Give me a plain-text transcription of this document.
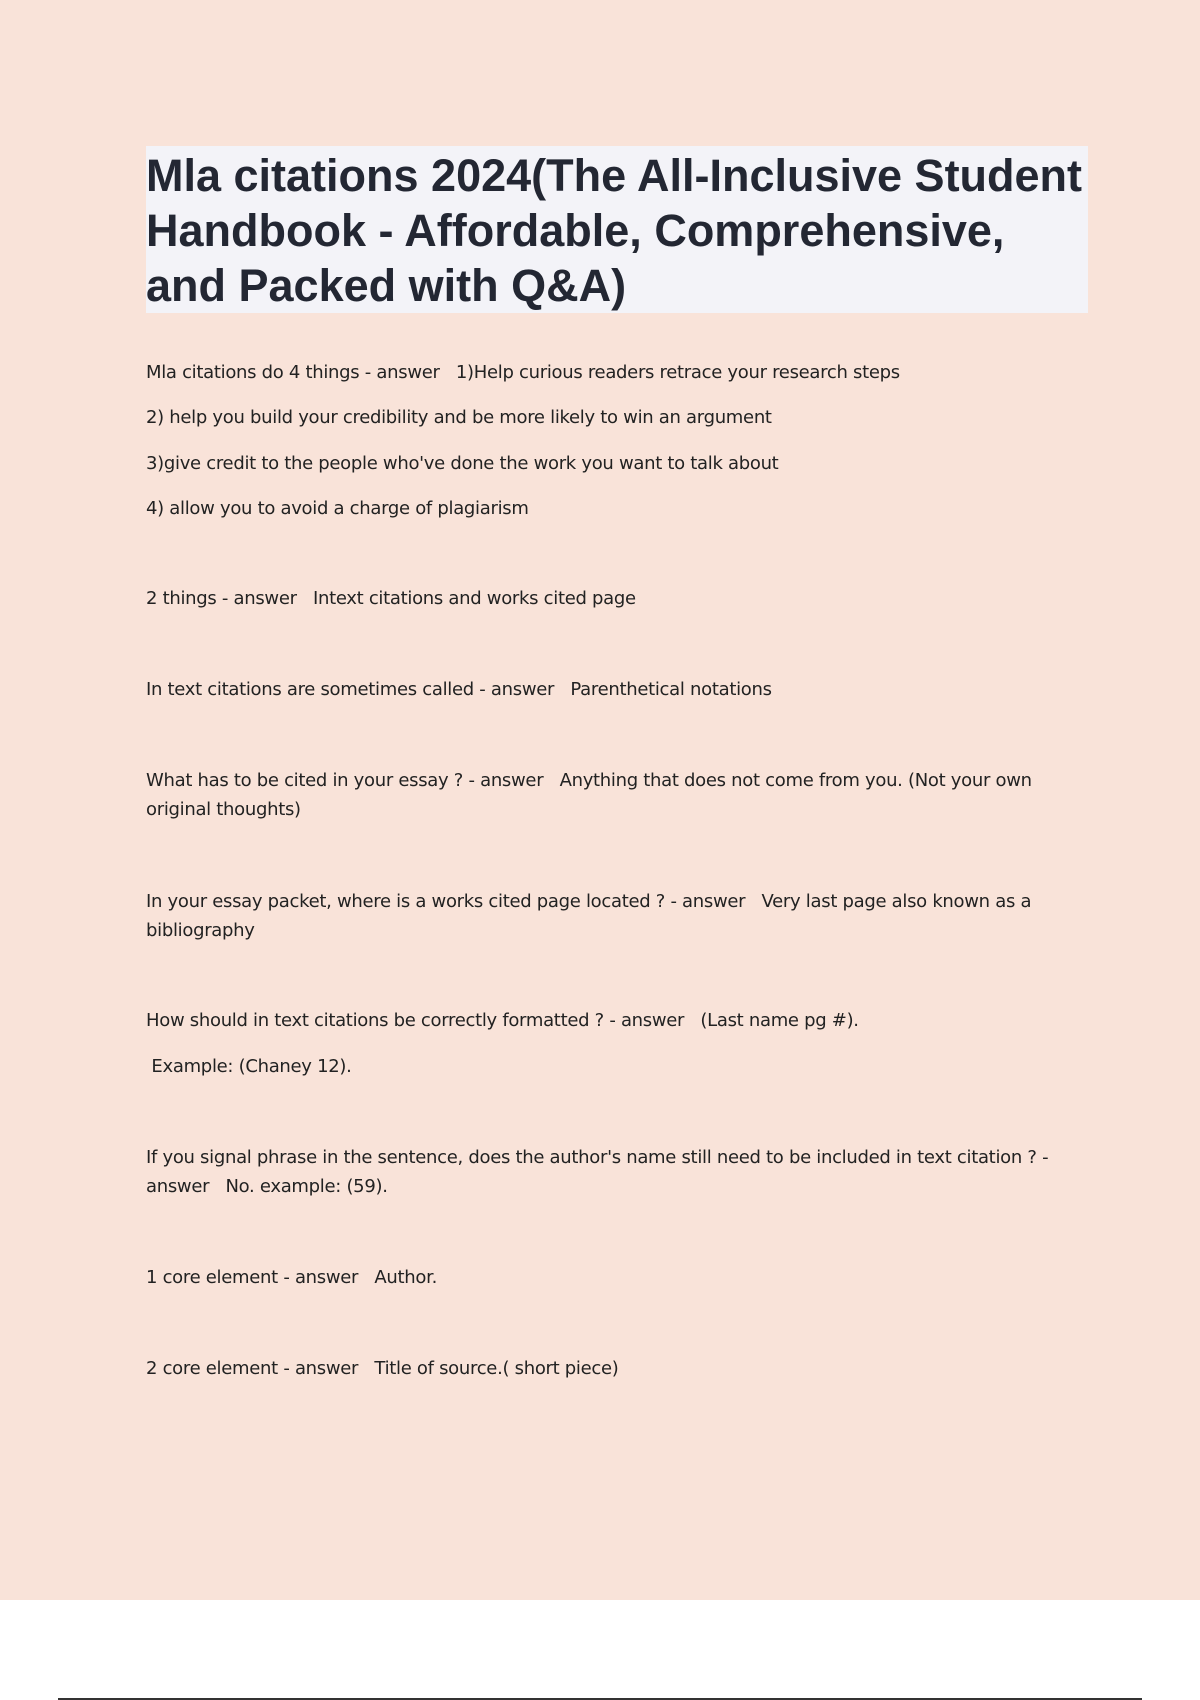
Mla citations 2024(The All-Inclusive Student Handbook - Affordable, Comprehensive, and Packed with Q&A)

Mla citations do 4 things - answer   1)Help curious readers retrace your research steps

2) help you build your credibility and be more likely to win an argument

3)give credit to the people who've done the work you want to talk about

4) allow you to avoid a charge of plagiarism

2 things - answer   Intext citations and works cited page

In text citations are sometimes called - answer   Parenthetical notations

What has to be cited in your essay ? - answer   Anything that does not come from you. (Not your own original thoughts)

In your essay packet, where is a works cited page located ? - answer   Very last page also known as a bibliography

How should in text citations be correctly formatted ? - answer   (Last name pg #).

Example: (Chaney 12).

If you signal phrase in the sentence, does the author's name still need to be included in text citation ? - answer   No. example: (59).

1 core element - answer   Author.

2 core element - answer   Title of source.( short piece)
